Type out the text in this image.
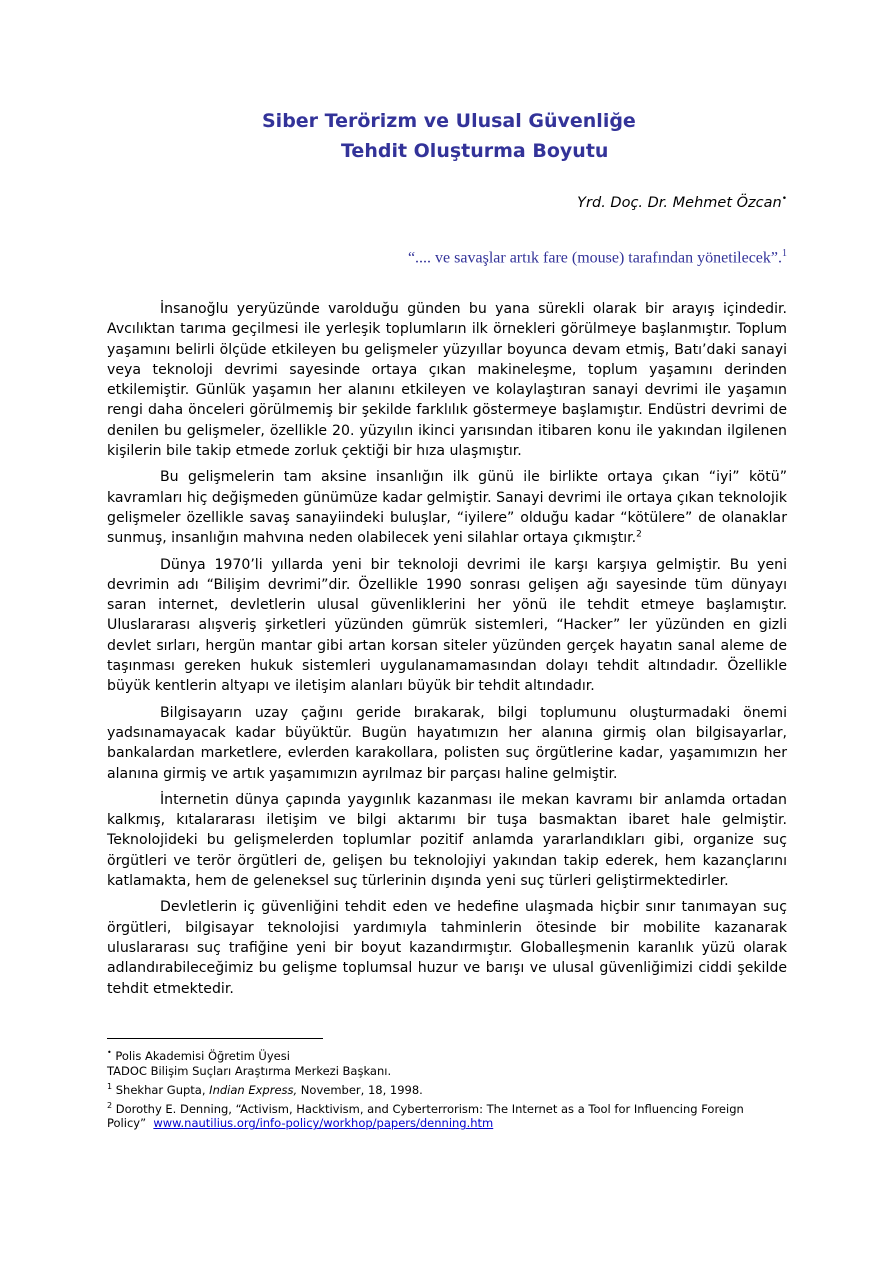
Siber Terörizm ve Ulusal Güvenliğe
Tehdit Oluşturma Boyutu
Yrd. Doç. Dr. Mehmet Özcan•
“.... ve savaşlar artık fare (mouse) tarafından yönetilecek”.$^1$

İnsanoğlu yeryüzünde varolduğu günden bu yana sürekli olarak bir arayış içindedir. Avcılıktan tarıma geçilmesi ile yerleşik toplumların ilk örnekleri görülmeye başlanmıştır. Toplum yaşamını belirli ölçüde etkileyen bu gelişmeler yüzyıllar boyunca devam etmiş, Batı’daki sanayi veya teknoloji devrimi sayesinde ortaya çıkan makineleşme, toplum yaşamını derinden etkilemiştir. Günlük yaşamın her alanını etkileyen ve kolaylaştıran sanayi devrimi ile yaşamın rengi daha önceleri görülmemiş bir şekilde farklılık göstermeye başlamıştır. Endüstri devrimi de denilen bu gelişmeler, özellikle 20. yüzyılın ikinci yarısından itibaren konu ile yakından ilgilenen kişilerin bile takip etmede zorluk çektiği bir hıza ulaşmıştır.

Bu gelişmelerin tam aksine insanlığın ilk günü ile birlikte ortaya çıkan “iyi” kötü” kavramları hiç değişmeden günümüze kadar gelmiştir. Sanayi devrimi ile ortaya çıkan teknolojik gelişmeler özellikle savaş sanayiindeki buluşlar, “iyilere” olduğu kadar “kötülere” de olanaklar sunmuş, insanlığın mahvına neden olabilecek yeni silahlar ortaya çıkmıştır.$^2$

Dünya 1970’li yıllarda yeni bir teknoloji devrimi ile karşı karşıya gelmiştir. Bu yeni devrimin adı “Bilişim devrimi”dir. Özellikle 1990 sonrası gelişen ağı sayesinde tüm dünyayı saran internet, devletlerin ulusal güvenliklerini her yönü ile tehdit etmeye başlamıştır. Uluslararası alışveriş şirketleri yüzünden gümrük sistemleri, “Hacker” ler yüzünden en gizli devlet sırları, hergün mantar gibi artan korsan siteler yüzünden gerçek hayatın sanal aleme de taşınması gereken hukuk sistemleri uygulanamamasından dolayı tehdit altındadır. Özellikle büyük kentlerin altyapı ve iletişim alanları büyük bir tehdit altındadır.

Bilgisayarın uzay çağını geride bırakarak, bilgi toplumunu oluşturmadaki önemi yadsınamayacak kadar büyüktür. Bugün hayatımızın her alanına girmiş olan bilgisayarlar, bankalardan marketlere, evlerden karakollara, polisten suç örgütlerine kadar, yaşamımızın her alanına girmiş ve artık yaşamımızın ayrılmaz bir parçası haline gelmiştir.

İnternetin dünya çapında yaygınlık kazanması ile mekan kavramı bir anlamda ortadan kalkmış, kıtalararası iletişim ve bilgi aktarımı bir tuşa basmaktan ibaret hale gelmiştir. Teknolojideki bu gelişmelerden toplumlar pozitif anlamda yararlandıkları gibi, organize suç örgütleri ve terör örgütleri de, gelişen bu teknolojiyi yakından takip ederek, hem kazançlarını katlamakta, hem de geleneksel suç türlerinin dışında yeni suç türleri geliştirmektedirler.

Devletlerin iç güvenliğini tehdit eden ve hedefine ulaşmada hiçbir sınır tanımayan suç örgütleri, bilgisayar teknolojisi yardımıyla tahminlerin ötesinde bir mobilite kazanarak uluslararası suç trafiğine yeni bir boyut kazandırmıştır. Globalleşmenin karanlık yüzü olarak adlandırabileceğimiz bu gelişme toplumsal huzur ve barışı ve ulusal güvenliğimizi ciddi şekilde tehdit etmektedir.

• Polis Akademisi Öğretim Üyesi
TADOC Bilişim Suçları Araştırma Merkezi Başkanı.
$^1$ Shekhar Gupta, Indian Express, November, 18, 1998.
$^2$ Dorothy E. Denning, “Activism, Hacktivism, and Cyberterrorism: The Internet as a Tool for Influencing Foreign Policy” www.nautilius.org/info-policy/workhop/papers/denning.htm
